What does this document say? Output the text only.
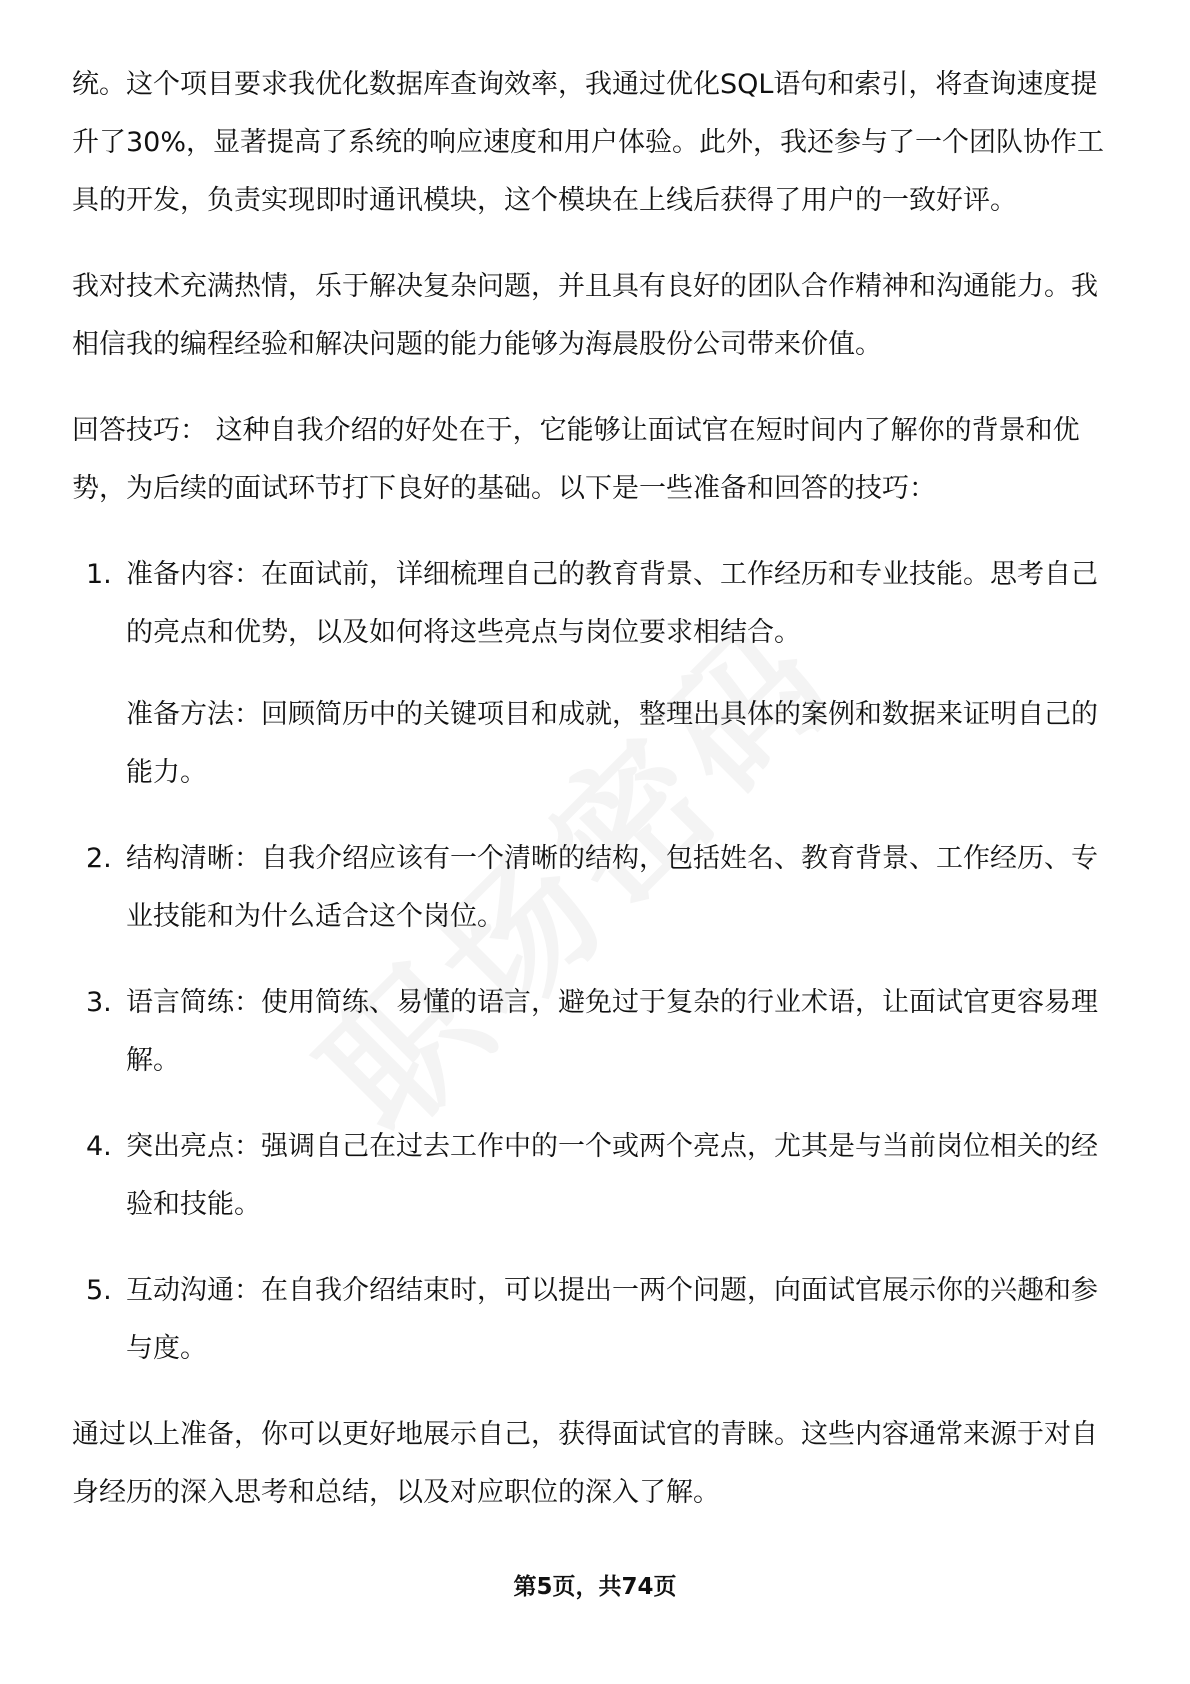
统。这个项目要求我优化数据库查询效率，我通过优化SQL语句和索引，将查询速度提升了30%，显著提高了系统的响应速度和用户体验。此外，我还参与了一个团队协作工具的开发，负责实现即时通讯模块，这个模块在上线后获得了用户的一致好评。

我对技术充满热情，乐于解决复杂问题，并且具有良好的团队合作精神和沟通能力。我相信我的编程经验和解决问题的能力能够为海晨股份公司带来价值。

回答技巧： 这种自我介绍的好处在于，它能够让面试官在短时间内了解你的背景和优势，为后续的面试环节打下良好的基础。以下是一些准备和回答的技巧：

1. 准备内容：在面试前，详细梳理自己的教育背景、工作经历和专业技能。思考自己的亮点和优势，以及如何将这些亮点与岗位要求相结合。

准备方法：回顾简历中的关键项目和成就，整理出具体的案例和数据来证明自己的能力。

2. 结构清晰：自我介绍应该有一个清晰的结构，包括姓名、教育背景、工作经历、专业技能和为什么适合这个岗位。

3. 语言简练：使用简练、易懂的语言，避免过于复杂的行业术语，让面试官更容易理解。

4. 突出亮点：强调自己在过去工作中的一个或两个亮点，尤其是与当前岗位相关的经验和技能。

5. 互动沟通：在自我介绍结束时，可以提出一两个问题，向面试官展示你的兴趣和参与度。

通过以上准备，你可以更好地展示自己，获得面试官的青睐。这些内容通常来源于对自身经历的深入思考和总结，以及对应职位的深入了解。

第5页，共74页
